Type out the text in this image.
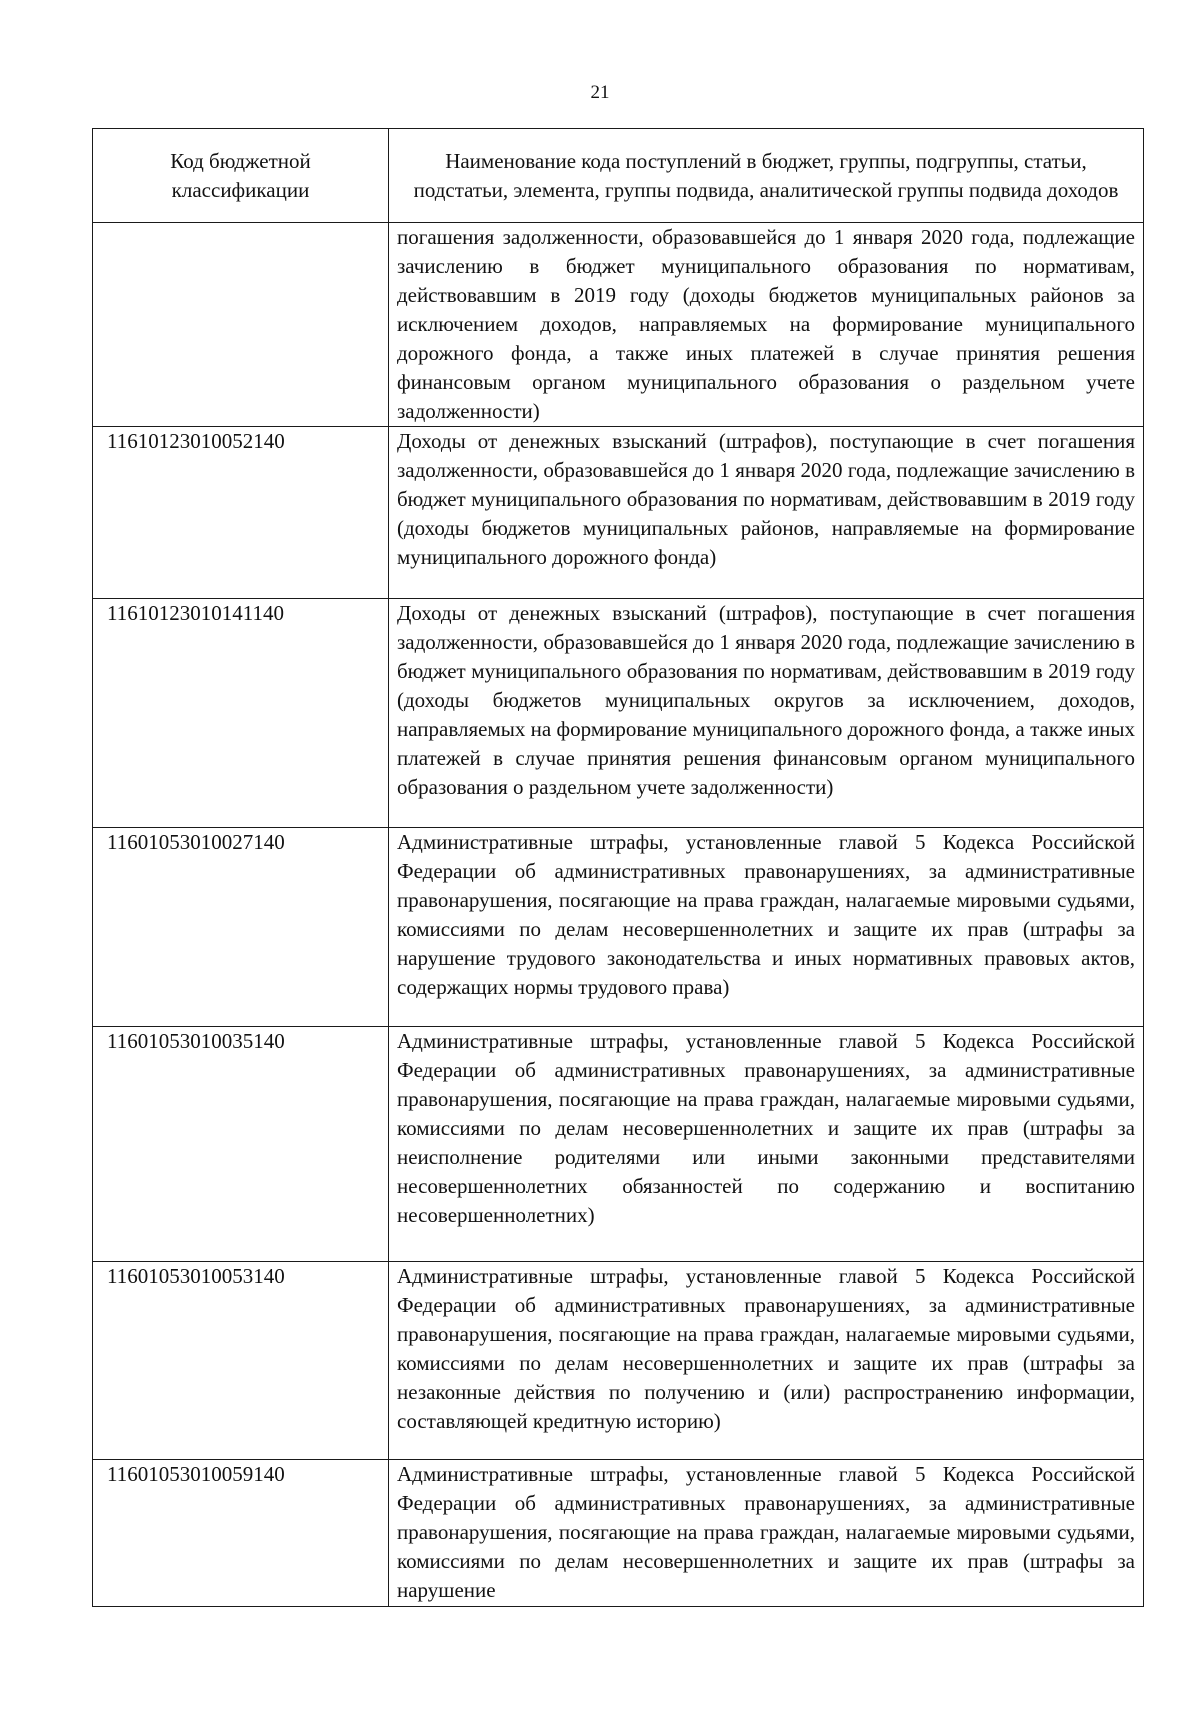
21
Код бюджетной классификации	Наименование кода поступлений в бюджет, группы, подгруппы, статьи, подстатьи, элемента, группы подвида, аналитической группы подвида доходов
	погашения задолженности, образовавшейся до 1 января 2020 года, подлежащие зачислению в бюджет муниципального образования по нормативам, действовавшим в 2019 году (доходы бюджетов муниципальных районов за исключением доходов, направляемых на формирование муниципального дорожного фонда, а также иных платежей в случае принятия решения финансовым органом муниципального образования о раздельном учете задолженности)
11610123010052140	Доходы от денежных взысканий (штрафов), поступающие в счет погашения задолженности, образовавшейся до 1 января 2020 года, подлежащие зачислению в бюджет муниципального образования по нормативам, действовавшим в 2019 году (доходы бюджетов муниципальных районов, направляемые на формирование муниципального дорожного фонда)
11610123010141140	Доходы от денежных взысканий (штрафов), поступающие в счет погашения задолженности, образовавшейся до 1 января 2020 года, подлежащие зачислению в бюджет муниципального образования по нормативам, действовавшим в 2019 году (доходы бюджетов муниципальных округов за исключением, доходов, направляемых на формирование муниципального дорожного фонда, а также иных платежей в случае принятия решения финансовым органом муниципального образования о раздельном учете задолженности)
11601053010027140	Административные штрафы, установленные главой 5 Кодекса Российской Федерации об административных правонарушениях, за административные правонарушения, посягающие на права граждан, налагаемые мировыми судьями, комиссиями по делам несовершеннолетних и защите их прав (штрафы за нарушение трудового законодательства и иных нормативных правовых актов, содержащих нормы трудового права)
11601053010035140	Административные штрафы, установленные главой 5 Кодекса Российской Федерации об административных правонарушениях, за административные правонарушения, посягающие на права граждан, налагаемые мировыми судьями, комиссиями по делам несовершеннолетних и защите их прав (штрафы за неисполнение родителями или иными законными представителями несовершеннолетних обязанностей по содержанию и воспитанию несовершеннолетних)
11601053010053140	Административные штрафы, установленные главой 5 Кодекса Российской Федерации об административных правонарушениях, за административные правонарушения, посягающие на права граждан, налагаемые мировыми судьями, комиссиями по делам несовершеннолетних и защите их прав (штрафы за незаконные действия по получению и (или) распространению информации, составляющей кредитную историю)
11601053010059140	Административные штрафы, установленные главой 5 Кодекса Российской Федерации об административных правонарушениях, за административные правонарушения, посягающие на права граждан, налагаемые мировыми судьями, комиссиями по делам несовершеннолетних и защите их прав (штрафы за нарушение
